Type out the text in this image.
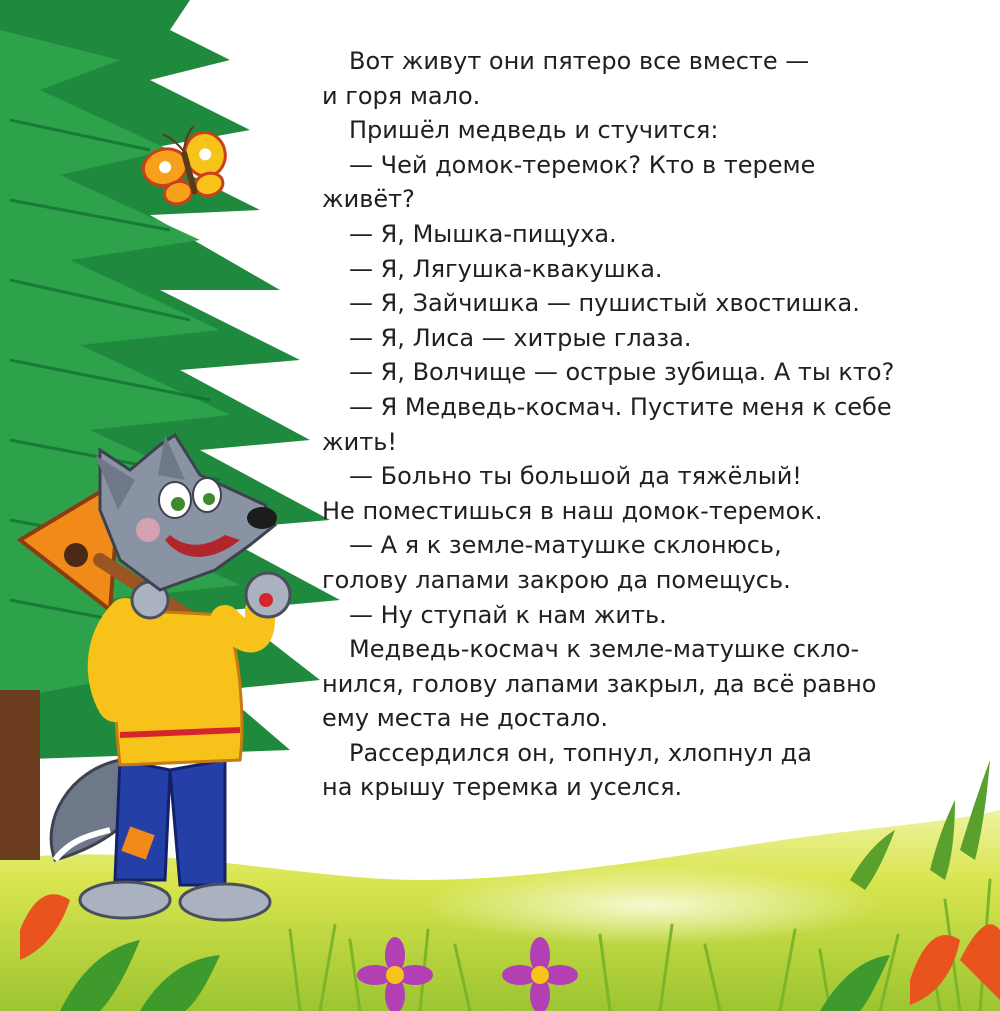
Вот живут они пятеро все вместе —
и горя мало.
Пришёл медведь и стучится:
— Чей домок-теремок? Кто в тереме
живёт?
— Я, Мышка-пищуха.
— Я, Лягушка-квакушка.
— Я, Зайчишка — пушистый хвостишка.
— Я, Лиса — хитрые глаза.
— Я, Волчище — острые зубища. А ты кто?
— Я Медведь-космач. Пустите меня к себе
жить!
— Больно ты большой да тяжёлый!
Не поместишься в наш домок-теремок.
— А я к земле-матушке склонюсь,
голову лапами закрою да помещусь.
— Ну ступай к нам жить.
Медведь-космач к земле-матушке скло-
нился, голову лапами закрыл, да всё равно
ему места не достало.
Рассердился он, топнул, хлопнул да
на крышу теремка и уселся.
